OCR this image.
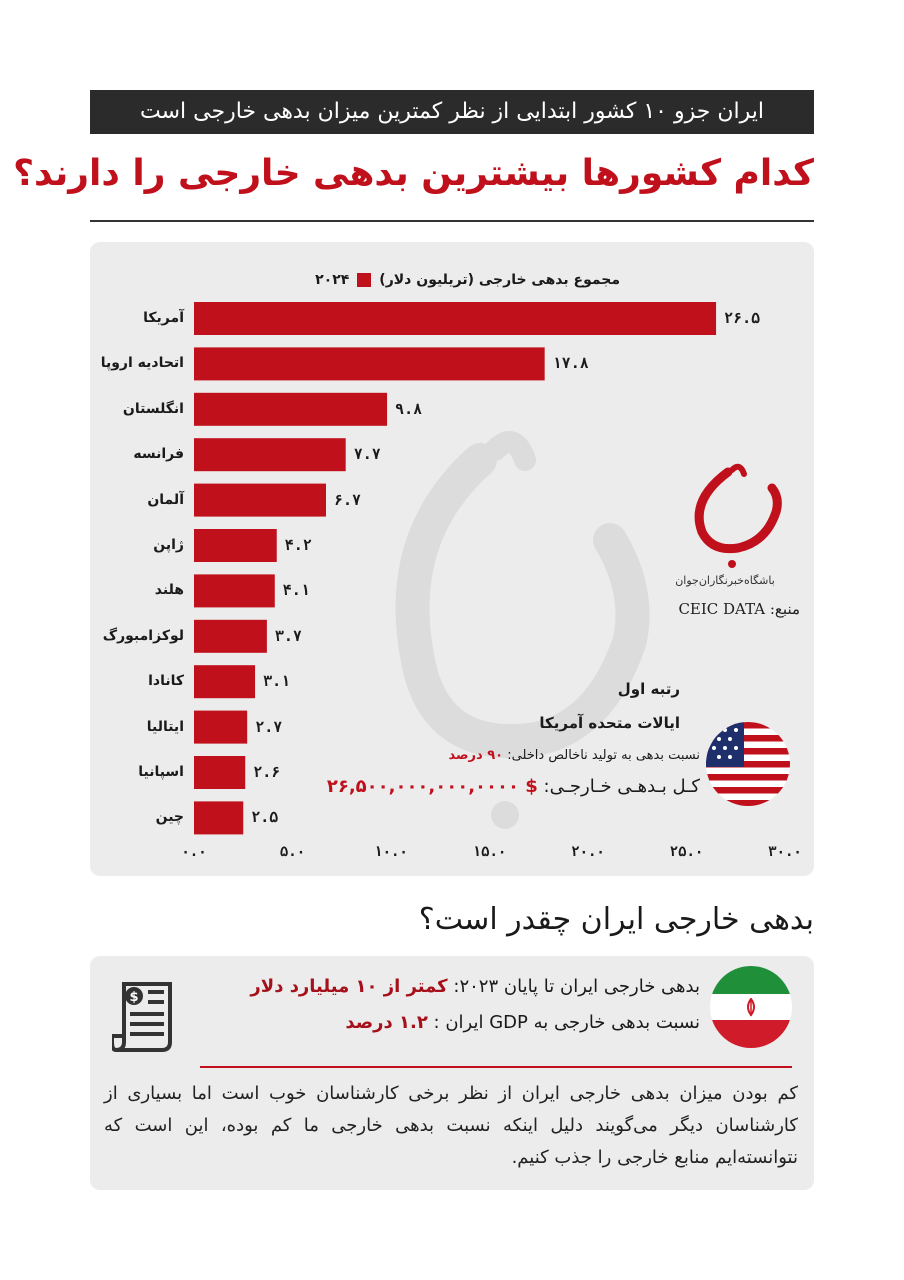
ایران جزو ۱۰ کشور ابتدایی از نظر کمترین میزان بدهی خارجی است
کدام کشورها بیشترین بدهی خارجی را دارند؟
مجموع بدهی خارجی (تریلیون دلار)
۲۰۲۴
آمریکا	۲۶.۵
اتحادیه اروپا	۱۷.۸
انگلستان	۹.۸
فرانسه	۷.۷
آلمان	۶.۷
ژاپن	۴.۲
هلند	۴.۱
لوکزامبورگ	۳.۷
کانادا	۳.۱
ایتالیا	۲.۷
اسپانیا	۲.۶
چین	۲.۵
۰.۰	۵.۰	۱۰.۰	۱۵.۰	۲۰.۰	۲۵.۰	۳۰.۰
باشگاه‌خبرنگاران‌جوان
منبع: CEIC DATA
رتبه اول
ایالات متحده آمریکا
نسبت بدهی به تولید ناخالص داخلی: ۹۰ درصد
کـل بـدهـی خـارجـی: $ ۲۶,۵۰۰,۰۰۰,۰۰۰,۰۰۰۰
بدهی خارجی ایران چقدر است؟
بدهی خارجی ایران تا پایان ۲۰۲۳: کمتر از ۱۰ میلیارد دلار
نسبت بدهی خارجی به GDP ایران : ۱.۲ درصد
$
کم بودن میزان بدهی خارجی ایران از نظر برخی کارشناسان خوب است اما بسیاری از کارشناسان دیگر می‌گویند دلیل اینکه نسبت بدهی خارجی ما کم بوده، این است که نتوانسته‌ایم منابع خارجی را جذب کنیم.
